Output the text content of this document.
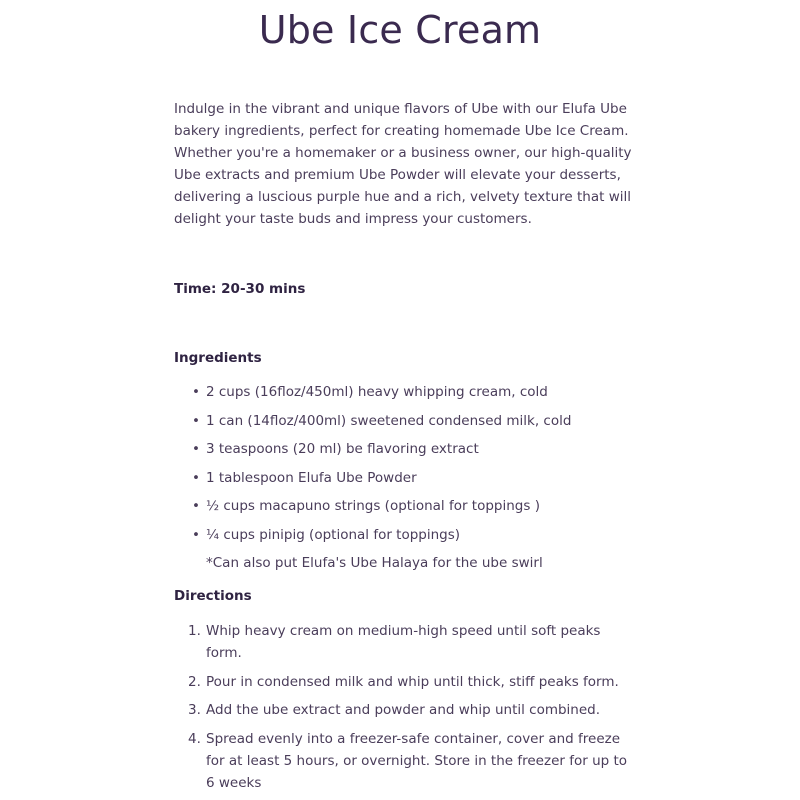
Ube Ice Cream

Indulge in the vibrant and unique flavors of Ube with our Elufa Ube bakery ingredients, perfect for creating homemade Ube Ice Cream. Whether you're a homemaker or a business owner, our high-quality Ube extracts and premium Ube Powder will elevate your desserts, delivering a luscious purple hue and a rich, velvety texture that will delight your taste buds and impress your customers.

Time: 20-30 mins

Ingredients

• 2 cups (16floz/450ml) heavy whipping cream, cold
• 1 can (14floz/400ml) sweetened condensed milk, cold
• 3 teaspoons (20 ml) be flavoring extract
• 1 tablespoon Elufa Ube Powder
• ½ cups macapuno strings (optional for toppings )
• ¼ cups pinipig (optional for toppings)

*Can also put Elufa's Ube Halaya for the ube swirl

Directions

1. Whip heavy cream on medium-high speed until soft peaks form.
2. Pour in condensed milk and whip until thick, stiff peaks form.
3. Add the ube extract and powder and whip until combined.
4. Spread evenly into a freezer-safe container, cover and freeze for at least 5 hours, or overnight. Store in the freezer for up to 6 weeks
